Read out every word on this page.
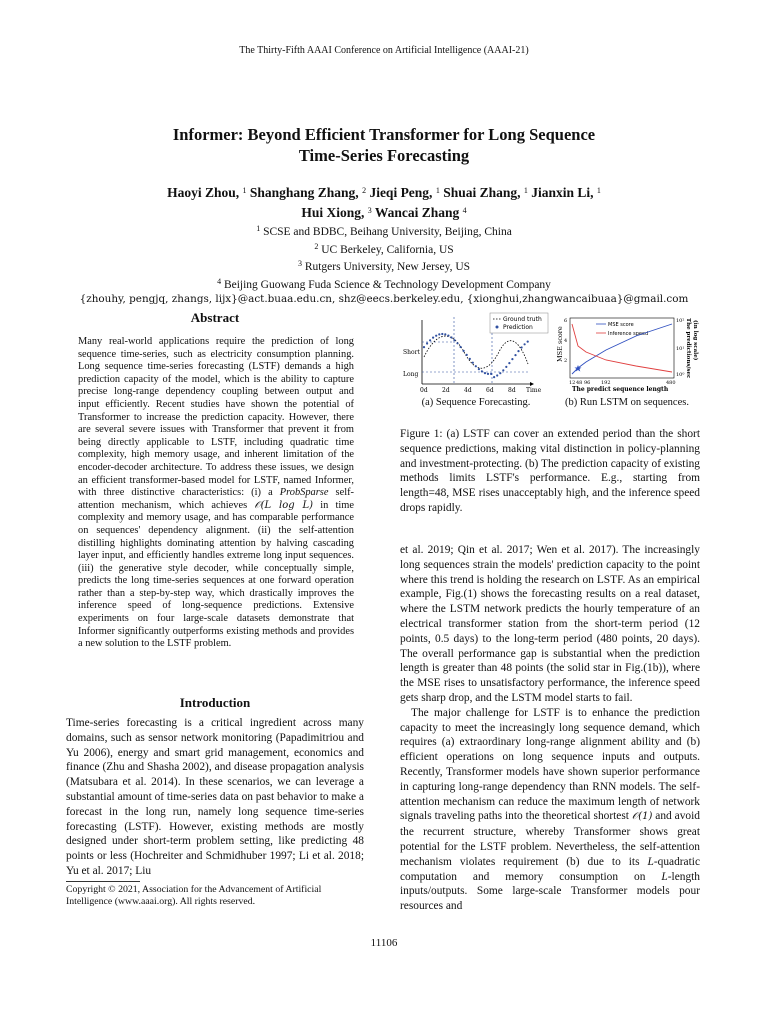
The Thirty-Fifth AAAI Conference on Artificial Intelligence (AAAI-21)
Informer: Beyond Efficient Transformer for Long Sequence
Time-Series Forecasting
Haoyi Zhou, $^1$ Shanghang Zhang, $^2$ Jieqi Peng, $^1$ Shuai Zhang, $^1$ Jianxin Li, $^1$
Hui Xiong, $^3$ Wancai Zhang $^4$
$^1$ SCSE and BDBC, Beihang University, Beijing, China
$^2$ UC Berkeley, California, US
$^3$ Rutgers University, New Jersey, US
$^4$ Beijing Guowang Fuda Science & Technology Development Company
{zhouhy, pengjq, zhangs, lijx}@act.buaa.edu.cn, shz@eecs.berkeley.edu, {xionghui,zhangwancaibuaa}@gmail.com
Abstract
Many real-world applications require the prediction of long sequence time-series, such as electricity consumption planning. Long sequence time-series forecasting (LSTF) demands a high prediction capacity of the model, which is the ability to capture precise long-range dependency coupling between output and input efficiently. Recent studies have shown the potential of Transformer to increase the prediction capacity. However, there are several severe issues with Transformer that prevent it from being directly applicable to LSTF, including quadratic time complexity, high memory usage, and inherent limitation of the encoder-decoder architecture. To address these issues, we design an efficient transformer-based model for LSTF, named Informer, with three distinctive characteristics: (i) a ProbSparse self-attention mechanism, which achieves 𝒪(L log L) in time complexity and memory usage, and has comparable performance on sequences' dependency alignment. (ii) the self-attention distilling highlights dominating attention by halving cascading layer input, and efficiently handles extreme long input sequences. (iii) the generative style decoder, while conceptually simple, predicts the long time-series sequences at one forward operation rather than a step-by-step way, which drastically improves the inference speed of long-sequence predictions. Extensive experiments on four large-scale datasets demonstrate that Informer significantly outperforms existing methods and provides a new solution to the LSTF problem.
Introduction
Time-series forecasting is a critical ingredient across many domains, such as sensor network monitoring (Papadimitriou and Yu 2006), energy and smart grid management, economics and finance (Zhu and Shasha 2002), and disease propagation analysis (Matsubara et al. 2014). In these scenarios, we can leverage a substantial amount of time-series data on past behavior to make a forecast in the long run, namely long sequence time-series forecasting (LSTF). However, existing methods are mostly designed under short-term problem setting, like predicting 48 points or less (Hochreiter and Schmidhuber 1997; Li et al. 2018; Yu et al. 2017; Liu
Copyright © 2021, Association for the Advancement of Artificial Intelligence (www.aaai.org). All rights reserved.
Ground truth
Prediction
Short
Long
0d 2d 4d 6d 8d Time
MSE score 2
4
6	10²
10¹
10⁰ The predictions/sec (in log scale)
MSE score
Inference speed
12 48 96 192	480
The predict sequence length
(a) Sequence Forecasting.	(b) Run LSTM on sequences.
Figure 1: (a) LSTF can cover an extended period than the short sequence predictions, making vital distinction in policy-planning and investment-protecting. (b) The prediction capacity of existing methods limits LSTF's performance. E.g., starting from length=48, MSE rises unacceptably high, and the inference speed drops rapidly.

et al. 2019; Qin et al. 2017; Wen et al. 2017). The increasingly long sequences strain the models' prediction capacity to the point where this trend is holding the research on LSTF. As an empirical example, Fig.(1) shows the forecasting results on a real dataset, where the LSTM network predicts the hourly temperature of an electrical transformer station from the short-term period (12 points, 0.5 days) to the long-term period (480 points, 20 days). The overall performance gap is substantial when the prediction length is greater than 48 points (the solid star in Fig.(1b)), where the MSE rises to unsatisfactory performance, the inference speed gets sharp drop, and the LSTM model starts to fail.

The major challenge for LSTF is to enhance the prediction capacity to meet the increasingly long sequence demand, which requires (a) extraordinary long-range alignment ability and (b) efficient operations on long sequence inputs and outputs. Recently, Transformer models have shown superior performance in capturing long-range dependency than RNN models. The self-attention mechanism can reduce the maximum length of network signals traveling paths into the theoretical shortest 𝒪(1) and avoid the recurrent structure, whereby Transformer shows great potential for the LSTF problem. Nevertheless, the self-attention mechanism violates requirement (b) due to its L-quadratic computation and memory consumption on L-length inputs/outputs. Some large-scale Transformer models pour resources and

11106
